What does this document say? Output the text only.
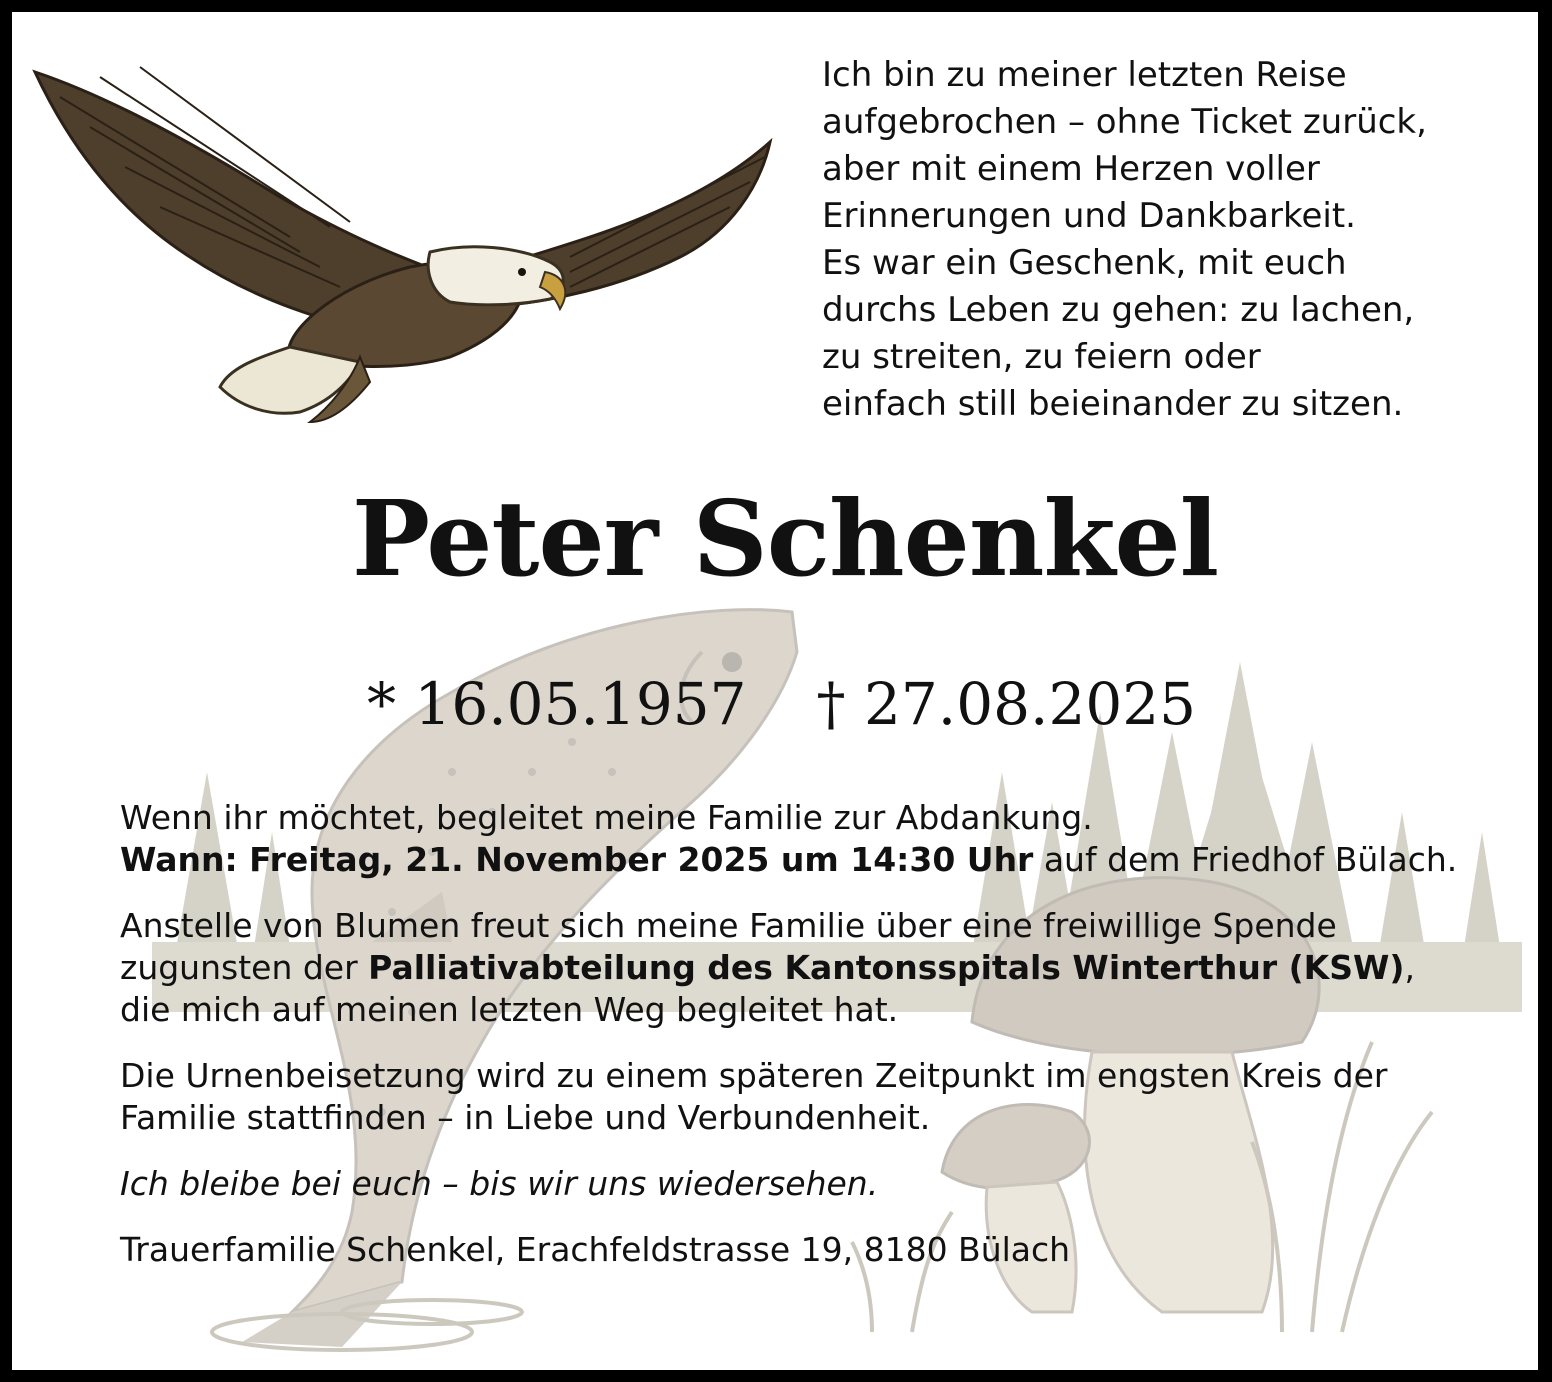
Ich bin zu meiner letzten Reise
aufgebrochen – ohne Ticket zurück,
aber mit einem Herzen voller
Erinnerungen und Dankbarkeit.
Es war ein Geschenk, mit euch
durchs Leben zu gehen: zu lachen,
zu streiten, zu feiern oder
einfach still beieinander zu sitzen.
Peter Schenkel
* 16.05.1957 † 27.08.2025

Wenn ihr möchtet, begleitet meine Familie zur Abdankung.
Wann: Freitag, 21. November 2025 um 14:30 Uhr auf dem Friedhof Bülach.

Anstelle von Blumen freut sich meine Familie über eine freiwillige Spende
zugunsten der Palliativabteilung des Kantonsspitals Winterthur (KSW),
die mich auf meinen letzten Weg begleitet hat.

Die Urnenbeisetzung wird zu einem späteren Zeitpunkt im engsten Kreis der
Familie stattfinden – in Liebe und Verbundenheit.

Ich bleibe bei euch – bis wir uns wiedersehen.

Trauerfamilie Schenkel, Erachfeldstrasse 19, 8180 Bülach
